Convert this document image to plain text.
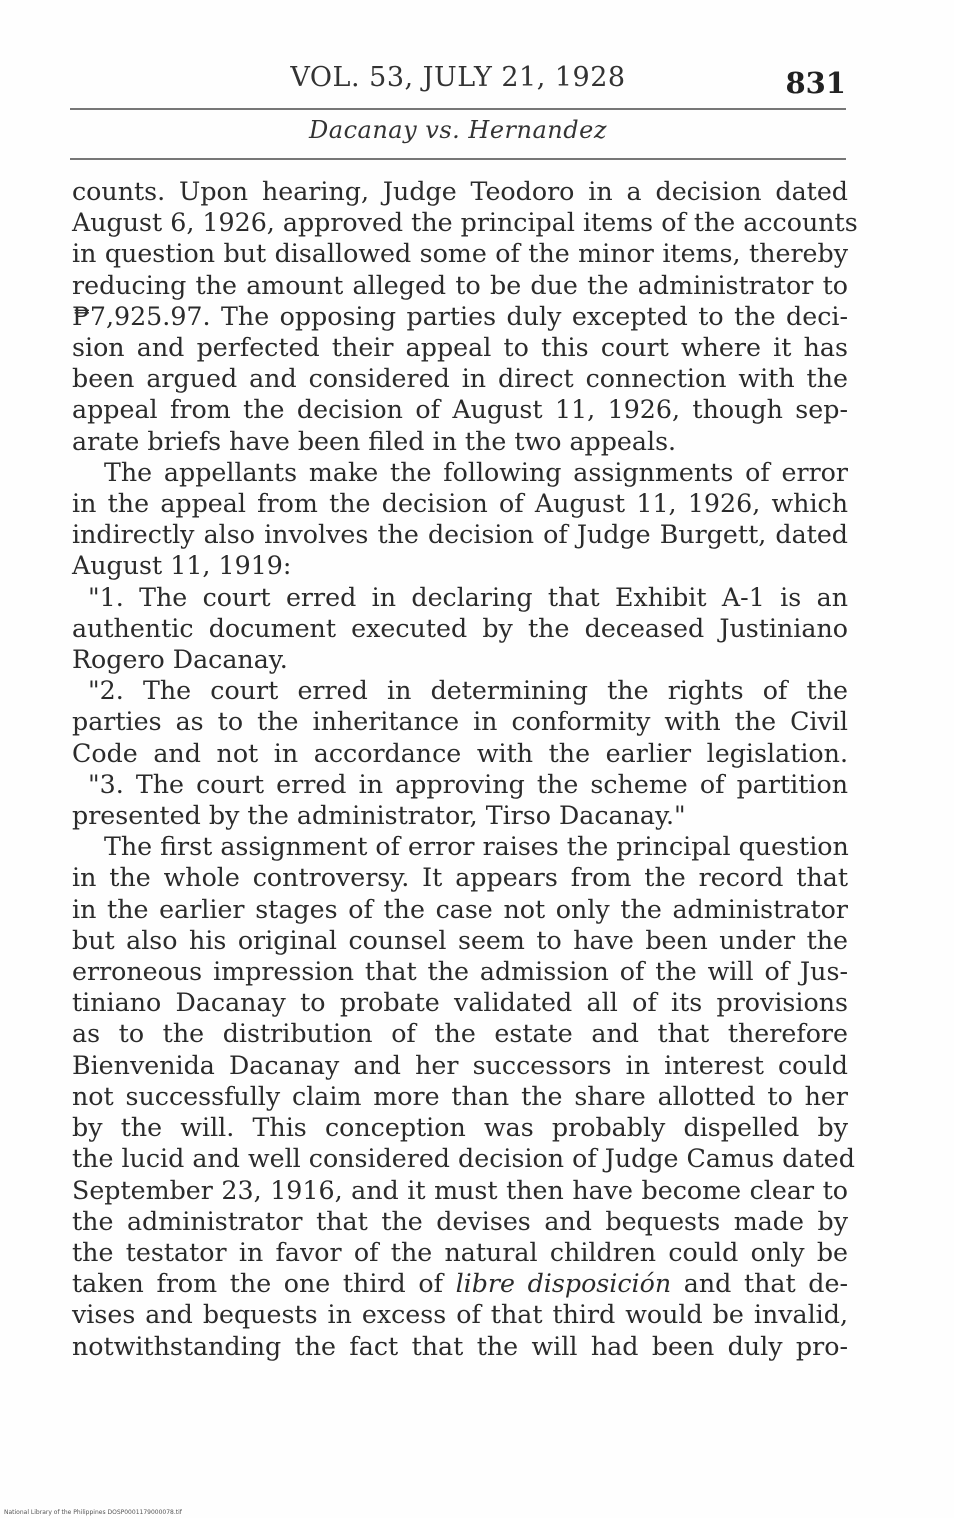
VOL. 53, JULY 21, 1928	831
Dacanay vs. Hernandez
counts. Upon hearing, Judge Teodoro in a decision dated
August 6, 1926, approved the principal items of the accounts
in question but disallowed some of the minor items, thereby
reducing the amount alleged to be due the administrator to
₱7,925.97. The opposing parties duly excepted to the deci-
sion and perfected their appeal to this court where it has
been argued and considered in direct connection with the
appeal from the decision of August 11, 1926, though sep-
arate briefs have been filed in the two appeals.
The appellants make the following assignments of error
in the appeal from the decision of August 11, 1926, which
indirectly also involves the decision of Judge Burgett, dated
August 11, 1919:
"1. The court erred in declaring that Exhibit A-1 is an
authentic document executed by the deceased Justiniano
Rogero Dacanay.
"2. The court erred in determining the rights of the
parties as to the inheritance in conformity with the Civil
Code and not in accordance with the earlier legislation.
"3. The court erred in approving the scheme of partition
presented by the administrator, Tirso Dacanay."
The first assignment of error raises the principal question
in the whole controversy. It appears from the record that
in the earlier stages of the case not only the administrator
but also his original counsel seem to have been under the
erroneous impression that the admission of the will of Jus-
tiniano Dacanay to probate validated all of its provisions
as to the distribution of the estate and that therefore
Bienvenida Dacanay and her successors in interest could
not successfully claim more than the share allotted to her
by the will. This conception was probably dispelled by
the lucid and well considered decision of Judge Camus dated
September 23, 1916, and it must then have become clear to
the administrator that the devises and bequests made by
the testator in favor of the natural children could only be
taken from the one third of libre disposición and that de-
vises and bequests in excess of that third would be invalid,
notwithstanding the fact that the will had been duly pro-
National Library of the Philippines DOSP0001179000078.tif
